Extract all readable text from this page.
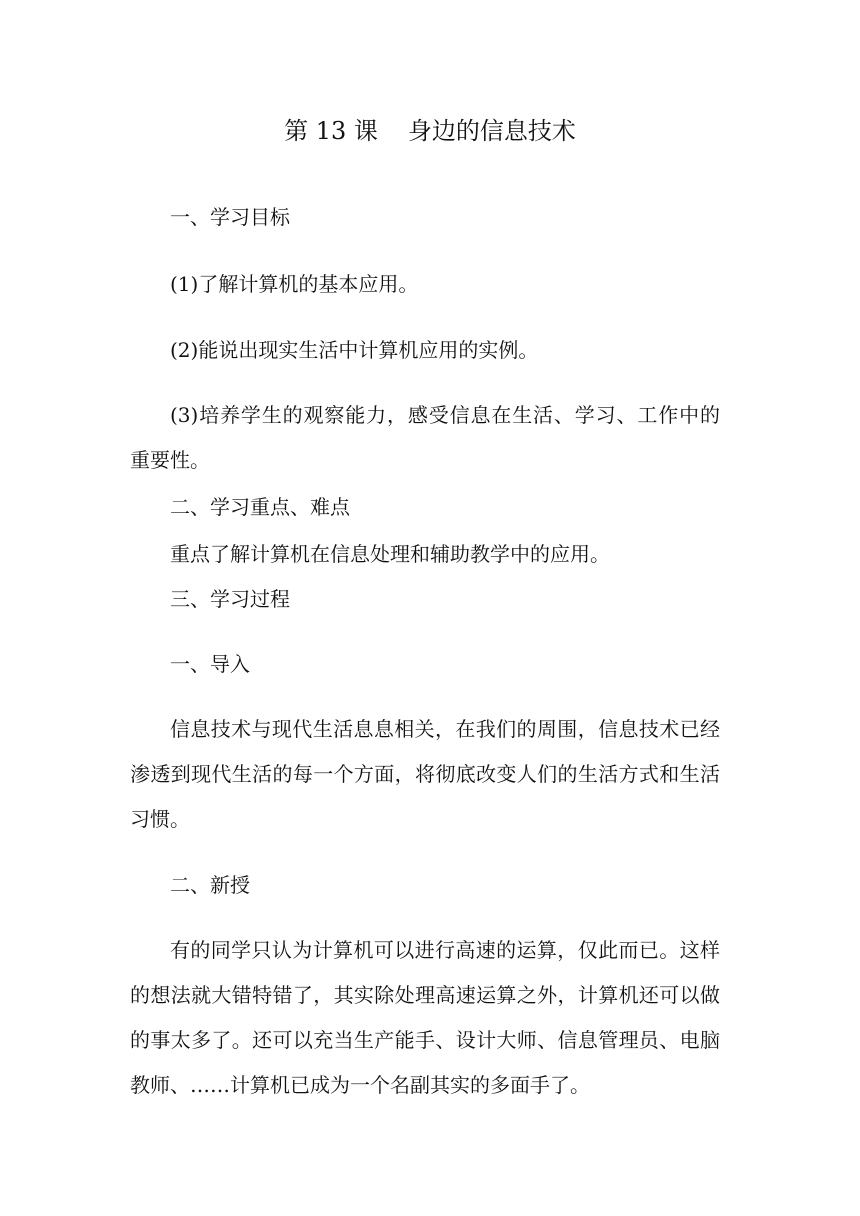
第 13 课 身边的信息技术
一、学习目标
(1)了解计算机的基本应用。
(2)能说出现实生活中计算机应用的实例。
(3)培养学生的观察能力，感受信息在生活、学习、工作中的
重要性。
二、学习重点、难点
重点了解计算机在信息处理和辅助教学中的应用。
三、学习过程
一、导入
信息技术与现代生活息息相关，在我们的周围，信息技术已经
渗透到现代生活的每一个方面，将彻底改变人们的生活方式和生活
习惯。
二、新授
有的同学只认为计算机可以进行高速的运算，仅此而已。这样
的想法就大错特错了，其实除处理高速运算之外，计算机还可以做
的事太多了。还可以充当生产能手、设计大师、信息管理员、电脑
教师、……计算机已成为一个名副其实的多面手了。
